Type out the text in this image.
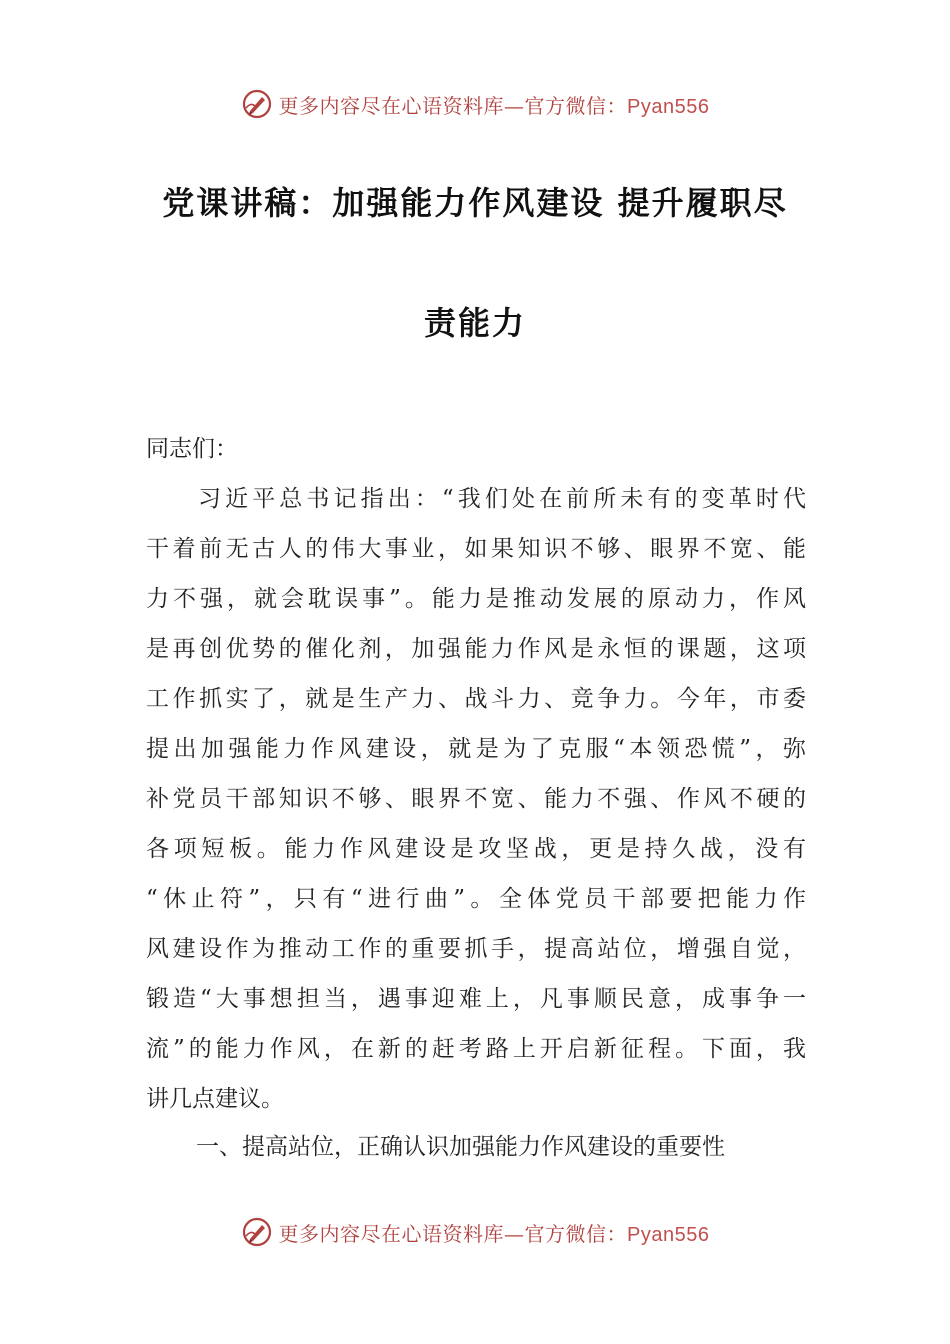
更多内容尽在心语资料库—官方微信：Pyan556
党课讲稿：加强能力作风建设 提升履职尽
责能力
同志们：
习近平总书记指出：“我们处在前所未有的变革时代
干着前无古人的伟大事业，如果知识不够、眼界不宽、能
力不强，就会耽误事”。能力是推动发展的原动力，作风
是再创优势的催化剂，加强能力作风是永恒的课题，这项
工作抓实了，就是生产力、战斗力、竞争力。今年，市委
提出加强能力作风建设，就是为了克服“本领恐慌”，弥
补党员干部知识不够、眼界不宽、能力不强、作风不硬的
各项短板。能力作风建设是攻坚战，更是持久战，没有
“休止符”，只有“进行曲”。全体党员干部要把能力作
风建设作为推动工作的重要抓手，提高站位，增强自觉，
锻造“大事想担当，遇事迎难上，凡事顺民意，成事争一
流”的能力作风，在新的赶考路上开启新征程。下面，我
讲几点建议。
一、提高站位，正确认识加强能力作风建设的重要性
更多内容尽在心语资料库—官方微信：Pyan556
